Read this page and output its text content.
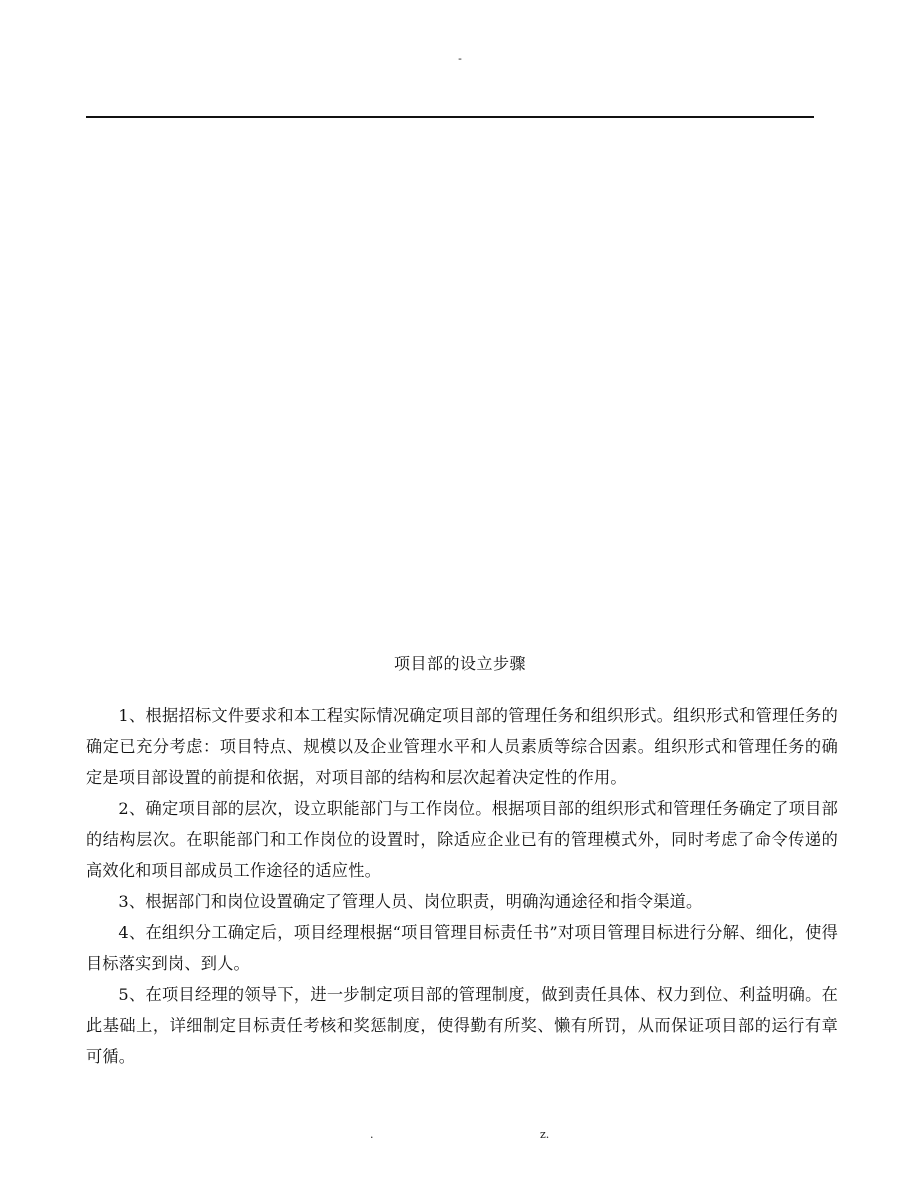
-
项目部的设立步骤

1、根据招标文件要求和本工程实际情况确定项目部的管理任务和组织形式。组织形式和管理任务的确定已充分考虑：项目特点、规模以及企业管理水平和人员素质等综合因素。组织形式和管理任务的确定是项目部设置的前提和依据，对项目部的结构和层次起着决定性的作用。

2、确定项目部的层次，设立职能部门与工作岗位。根据项目部的组织形式和管理任务确定了项目部的结构层次。在职能部门和工作岗位的设置时，除适应企业已有的管理模式外，同时考虑了命令传递的高效化和项目部成员工作途径的适应性。

3、根据部门和岗位设置确定了管理人员、岗位职责，明确沟通途径和指令渠道。

4、在组织分工确定后，项目经理根据“项目管理目标责任书”对项目管理目标进行分解、细化，使得目标落实到岗、到人。

5、在项目经理的领导下，进一步制定项目部的管理制度，做到责任具体、权力到位、利益明确。在此基础上，详细制定目标责任考核和奖惩制度，使得勤有所奖、懒有所罚，从而保证项目部的运行有章可循。

.	z.
